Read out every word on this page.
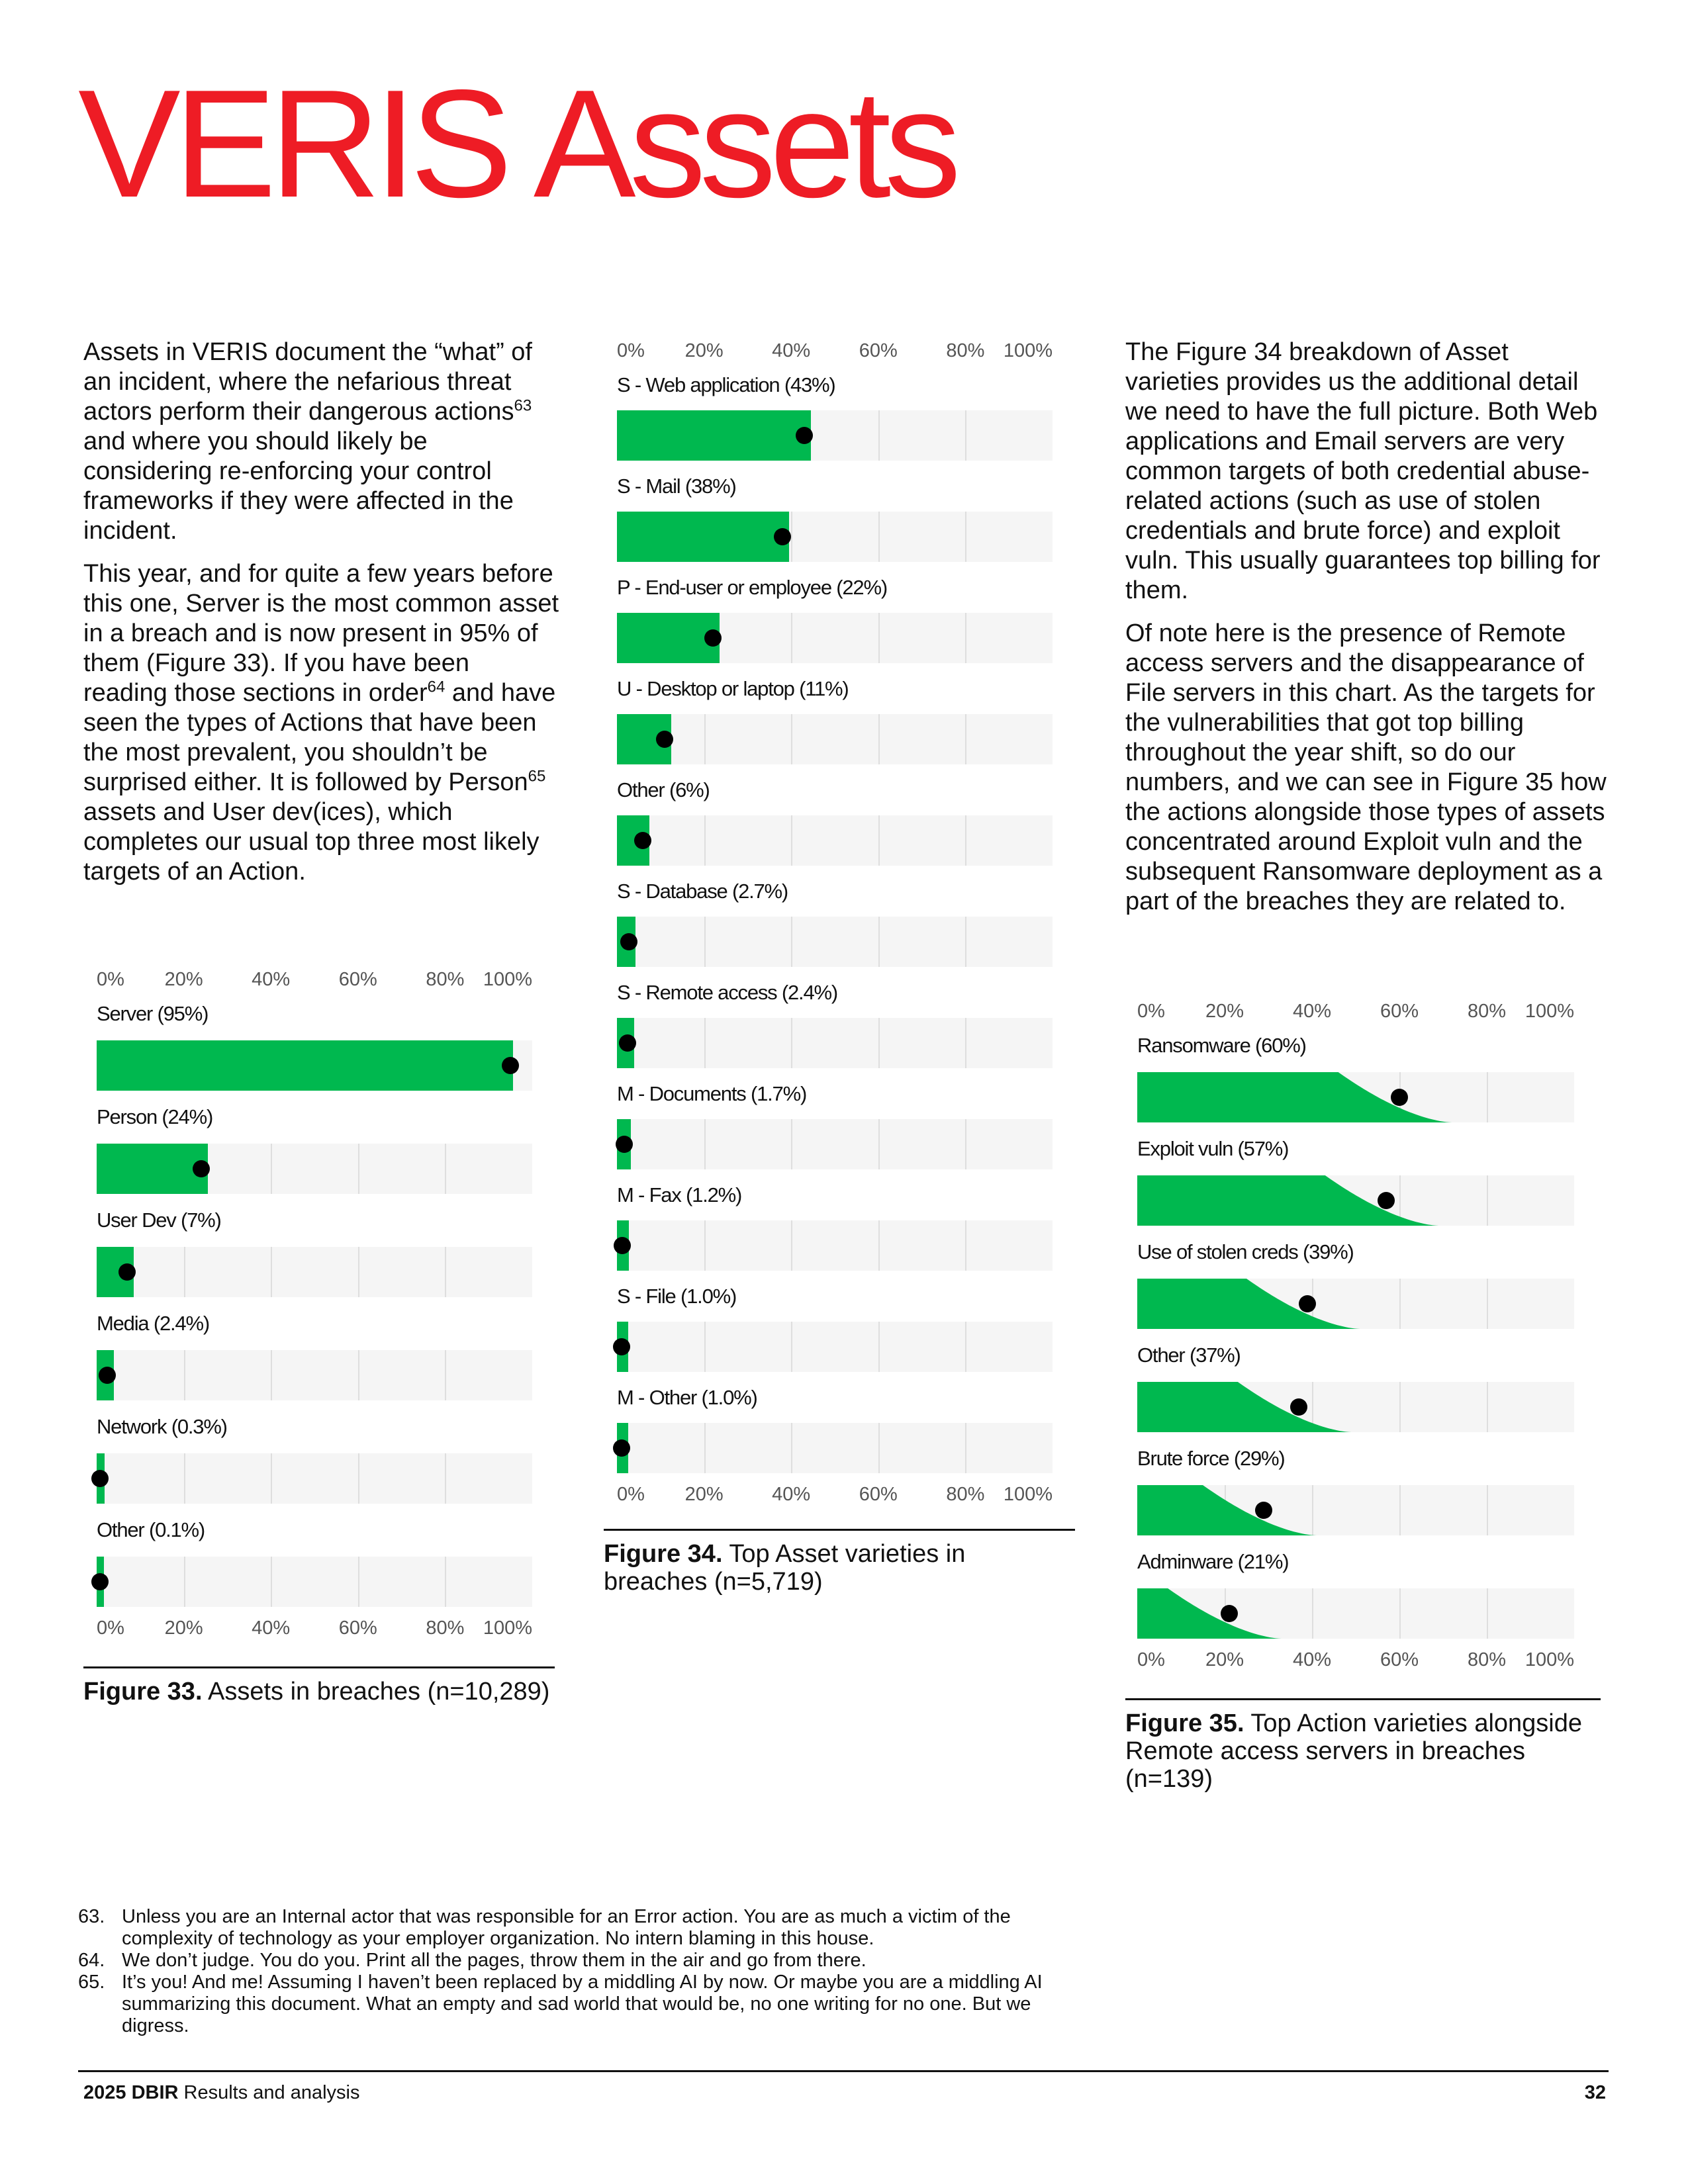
VERIS Assets

Assets in VERIS document the “what” of an incident, where the nefarious threat actors perform their dangerous actions$^{63}$ and where you should likely be considering re-enforcing your control frameworks if they were affected in the incident.

This year, and for quite a few years before this one, Server is the most common asset in a breach and is now present in 95% of them (Figure 33). If you have been reading those sections in order$^{64}$ and have seen the types of Actions that have been the most prevalent, you shouldn’t be surprised either. It is followed by Person$^{65}$ assets and User dev(ices), which completes our usual top three most likely targets of an Action.

The Figure 34 breakdown of Asset varieties provides us the additional detail we need to have the full picture. Both Web applications and Email servers are very common targets of both credential abuse-related actions (such as use of stolen credentials and brute force) and exploit vuln. This usually guarantees top billing for them.

Of note here is the presence of Remote access servers and the disappearance of File servers in this chart. As the targets for the vulnerabilities that got top billing throughout the year shift, so do our numbers, and we can see in Figure 35 how the actions alongside those types of assets concentrated around Exploit vuln and the subsequent Ransomware deployment as a part of the breaches they are related to.

0% 20%	40%	60%	80% 100%
Server (95%)
Person (24%)
User Dev (7%)
Media (2.4%)
Network (0.3%)
Other (0.1%)
0% 20%	40%	60%	80% 100%
Figure 33. Assets in breaches (n=10,289)
0% 20%	40%	60%	80% 100%
S - Web application (43%)
S - Mail (38%)
P - End-user or employee (22%)
U - Desktop or laptop (11%)
Other (6%)
S - Database (2.7%)
S - Remote access (2.4%)
M - Documents (1.7%)
M - Fax (1.2%)
S - File (1.0%)
M - Other (1.0%)
0% 20%	40%	60%	80% 100%
Figure 34. Top Asset varieties in breaches (n=5,719)
0% 20%	40%	60%	80% 100%
Ransomware (60%)
Exploit vuln (57%)
Use of stolen creds (39%)
Other (37%)
Brute force (29%)
Adminware (21%)
0% 20%	40%	60%	80% 100%
Figure 35. Top Action varieties alongside Remote access servers in breaches (n=139)
63. Unless you are an Internal actor that was responsible for an Error action. You are as much a victim of the complexity of technology as your employer organization. No intern blaming in this house.
64. We don’t judge. You do you. Print all the pages, throw them in the air and go from there.
65. It’s you! And me! Assuming I haven’t been replaced by a middling AI by now. Or maybe you are a middling AI summarizing this document. What an empty and sad world that would be, no one writing for no one. But we digress.
2025 DBIR Results and analysis	32
